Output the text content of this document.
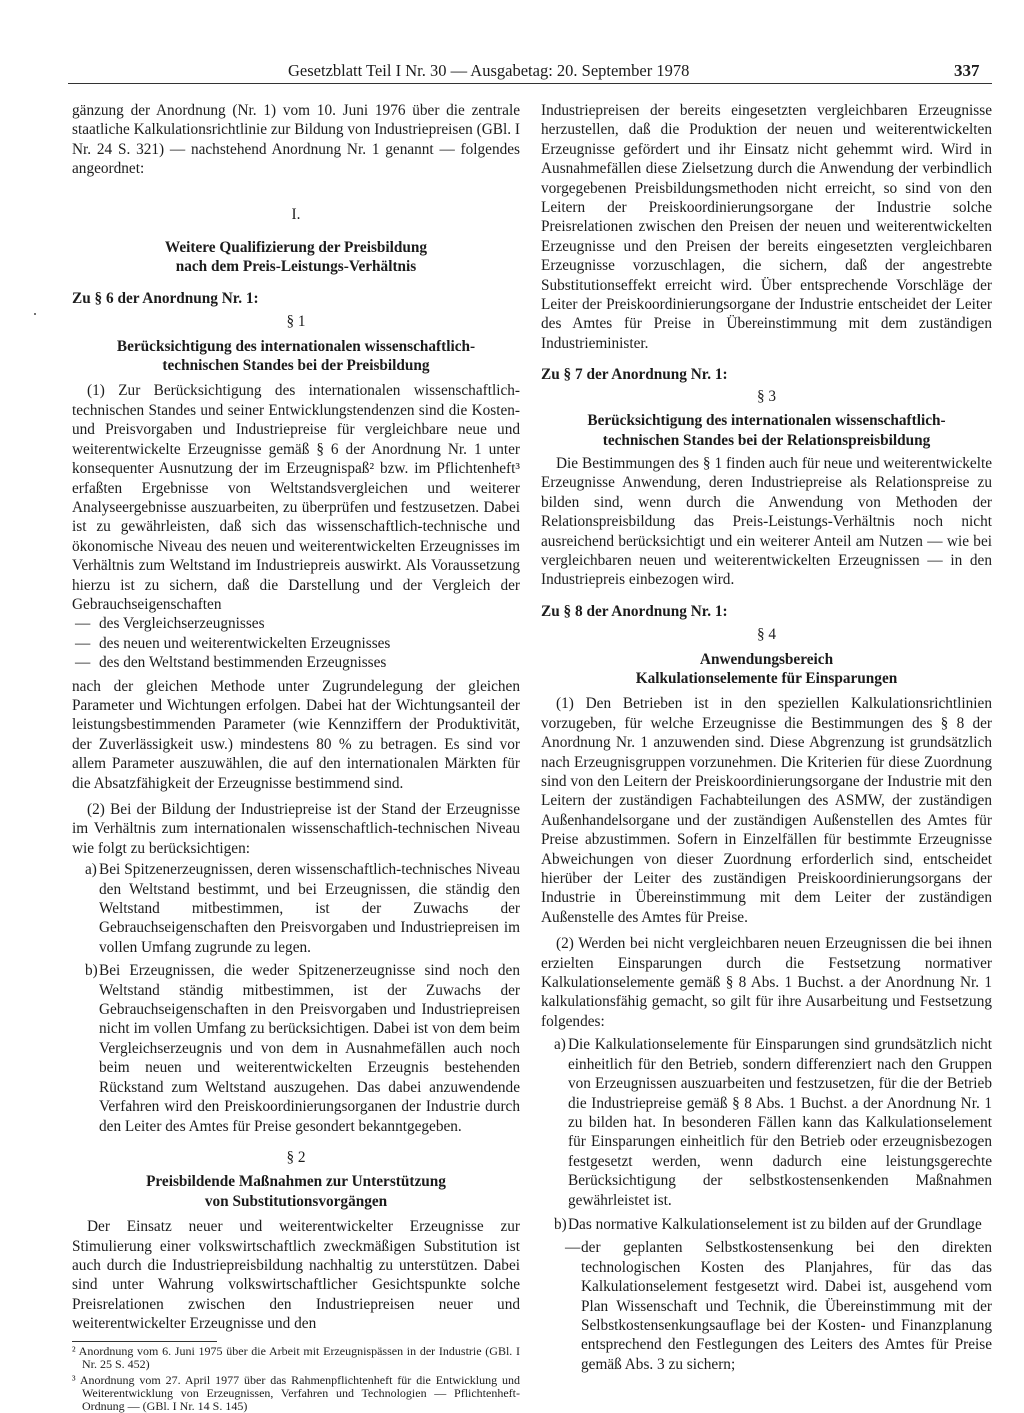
Gesetzblatt Teil I Nr. 30 — Ausgabetag: 20. September 1978	337

gänzung der Anordnung (Nr. 1) vom 10. Juni 1976 über die zentrale staatliche Kalkulationsrichtlinie zur Bildung von Industriepreisen (GBl. I Nr. 24 S. 321) — nachstehend Anordnung Nr. 1 genannt — folgendes angeordnet:

I.

Weitere Qualifizierung der Preisbildung

nach dem Preis-Leistungs-Verhältnis

Zu § 6 der Anordnung Nr. 1:

§ 1

Berücksichtigung des internationalen wissenschaftlich-

technischen Standes bei der Preisbildung

(1) Zur Berücksichtigung des internationalen wissenschaftlich-technischen Standes und seiner Entwicklungstendenzen sind die Kosten- und Preisvorgaben und Industriepreise für vergleichbare neue und weiterentwickelte Erzeugnisse gemäß § 6 der Anordnung Nr. 1 unter konsequenter Ausnutzung der im Erzeugnispaß² bzw. im Pflichtenheft³ erfaßten Ergebnisse von Weltstandsvergleichen und weiterer Analyseergebnisse auszuarbeiten, zu überprüfen und festzusetzen. Dabei ist zu gewährleisten, daß sich das wissenschaftlich-technische und ökonomische Niveau des neuen und weiterentwickelten Erzeugnisses im Verhältnis zum Weltstand im Industriepreis auswirkt. Als Voraussetzung hierzu ist zu sichern, daß die Darstellung und der Vergleich der Gebrauchseigenschaften

— des Vergleichserzeugnisses
— des neuen und weiterentwickelten Erzeugnisses
— des den Weltstand bestimmenden Erzeugnisses

nach der gleichen Methode unter Zugrundelegung der gleichen Parameter und Wichtungen erfolgen. Dabei hat der Wichtungsanteil der leistungsbestimmenden Parameter (wie Kennziffern der Produktivität, der Zuverlässigkeit usw.) mindestens 80 % zu betragen. Es sind vor allem Parameter auszuwählen, die auf den internationalen Märkten für die Absatzfähigkeit der Erzeugnisse bestimmend sind.

(2) Bei der Bildung der Industriepreise ist der Stand der Erzeugnisse im Verhältnis zum internationalen wissenschaftlich-technischen Niveau wie folgt zu berücksichtigen:

a) Bei Spitzenerzeugnissen, deren wissenschaftlich-technisches Niveau den Weltstand bestimmt, und bei Erzeugnissen, die ständig den Weltstand mitbestimmen, ist der Zuwachs der Gebrauchseigenschaften den Preisvorgaben und Industriepreisen im vollen Umfang zugrunde zu legen.
b) Bei Erzeugnissen, die weder Spitzenerzeugnisse sind noch den Weltstand ständig mitbestimmen, ist der Zuwachs der Gebrauchseigenschaften in den Preisvorgaben und Industriepreisen nicht im vollen Umfang zu berücksichtigen. Dabei ist von dem beim Vergleichserzeugnis und von dem in Ausnahmefällen auch noch beim neuen und weiterentwickelten Erzeugnis bestehenden Rückstand zum Weltstand auszugehen. Das dabei anzuwendende Verfahren wird den Preiskoordinierungsorganen der Industrie durch den Leiter des Amtes für Preise gesondert bekanntgegeben.

§ 2

Preisbildende Maßnahmen zur Unterstützung

von Substitutionsvorgängen

Der Einsatz neuer und weiterentwickelter Erzeugnisse zur Stimulierung einer volkswirtschaftlich zweckmäßigen Substitution ist auch durch die Industriepreisbildung nachhaltig zu unterstützen. Dabei sind unter Wahrung volkswirtschaftlicher Gesichtspunkte solche Preisrelationen zwischen den Industriepreisen neuer und weiterentwickelter Erzeugnisse und den

² Anordnung vom 6. Juni 1975 über die Arbeit mit Erzeugnispässen in der Industrie (GBl. I Nr. 25 S. 452)

³ Anordnung vom 27. April 1977 über das Rahmenpflichtenheft für die Entwicklung und Weiterentwicklung von Erzeugnissen, Verfahren und Technologien — Pflichtenheft-Ordnung — (GBl. I Nr. 14 S. 145)

Industriepreisen der bereits eingesetzten vergleichbaren Erzeugnisse herzustellen, daß die Produktion der neuen und weiterentwickelten Erzeugnisse gefördert und ihr Einsatz nicht gehemmt wird. Wird in Ausnahmefällen diese Zielsetzung durch die Anwendung der verbindlich vorgegebenen Preisbildungsmethoden nicht erreicht, so sind von den Leitern der Preiskoordinierungsorgane der Industrie solche Preisrelationen zwischen den Preisen der neuen und weiterentwickelten Erzeugnisse und den Preisen der bereits eingesetzten vergleichbaren Erzeugnisse vorzuschlagen, die sichern, daß der angestrebte Substitutionseffekt erreicht wird. Über entsprechende Vorschläge der Leiter der Preiskoordinierungsorgane der Industrie entscheidet der Leiter des Amtes für Preise in Übereinstimmung mit dem zuständigen Industrieminister.

Zu § 7 der Anordnung Nr. 1:

§ 3

Berücksichtigung des internationalen wissenschaftlich-

technischen Standes bei der Relationspreisbildung

Die Bestimmungen des § 1 finden auch für neue und weiterentwickelte Erzeugnisse Anwendung, deren Industriepreise als Relationspreise zu bilden sind, wenn durch die Anwendung von Methoden der Relationspreisbildung das Preis-Leistungs-Verhältnis noch nicht ausreichend berücksichtigt und ein weiterer Anteil am Nutzen — wie bei vergleichbaren neuen und weiterentwickelten Erzeugnissen — in den Industriepreis einbezogen wird.

Zu § 8 der Anordnung Nr. 1:

§ 4

Anwendungsbereich

Kalkulationselemente für Einsparungen

(1) Den Betrieben ist in den speziellen Kalkulationsrichtlinien vorzugeben, für welche Erzeugnisse die Bestimmungen des § 8 der Anordnung Nr. 1 anzuwenden sind. Diese Abgrenzung ist grundsätzlich nach Erzeugnisgruppen vorzunehmen. Die Kriterien für diese Zuordnung sind von den Leitern der Preiskoordinierungsorgane der Industrie mit den Leitern der zuständigen Fachabteilungen des ASMW, der zuständigen Außenhandelsorgane und der zuständigen Außenstellen des Amtes für Preise abzustimmen. Sofern in Einzelfällen für bestimmte Erzeugnisse Abweichungen von dieser Zuordnung erforderlich sind, entscheidet hierüber der Leiter des zuständigen Preiskoordinierungsorgans der Industrie in Übereinstimmung mit dem Leiter der zuständigen Außenstelle des Amtes für Preise.

(2) Werden bei nicht vergleichbaren neuen Erzeugnissen die bei ihnen erzielten Einsparungen durch die Festsetzung normativer Kalkulationselemente gemäß § 8 Abs. 1 Buchst. a der Anordnung Nr. 1 kalkulationsfähig gemacht, so gilt für ihre Ausarbeitung und Festsetzung folgendes:

a) Die Kalkulationselemente für Einsparungen sind grundsätzlich nicht einheitlich für den Betrieb, sondern differenziert nach den Gruppen von Erzeugnissen auszuarbeiten und festzusetzen, für die der Betrieb die Industriepreise gemäß § 8 Abs. 1 Buchst. a der Anordnung Nr. 1 zu bilden hat. In besonderen Fällen kann das Kalkulationselement für Einsparungen einheitlich für den Betrieb oder erzeugnisbezogen festgesetzt werden, wenn dadurch eine leistungsgerechte Berücksichtigung der selbstkostensenkenden Maßnahmen gewährleistet ist.
b) Das normative Kalkulationselement ist zu bilden auf der Grundlage
— der geplanten Selbstkostensenkung bei den direkten technologischen Kosten des Planjahres, für das das Kalkulationselement festgesetzt wird. Dabei ist, ausgehend vom Plan Wissenschaft und Technik, die Übereinstimmung mit der Selbstkostensenkungsauflage bei der Kosten- und Finanzplanung entsprechend den Festlegungen des Leiters des Amtes für Preise gemäß Abs. 3 zu sichern;
